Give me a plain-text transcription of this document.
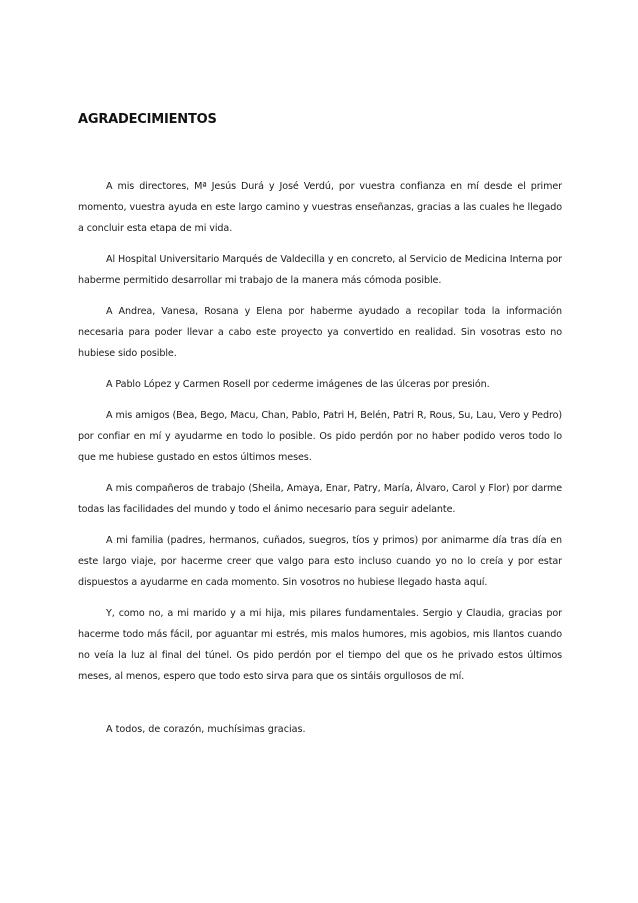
AGRADECIMIENTOS

A mis directores, Mª Jesús Durá y José Verdú, por vuestra confianza en mí desde el primer momento, vuestra ayuda en este largo camino y vuestras enseñanzas, gracias a las cuales he llegado a concluir esta etapa de mi vida.

Al Hospital Universitario Marqués de Valdecilla y en concreto, al Servicio de Medicina Interna por haberme permitido desarrollar mi trabajo de la manera más cómoda posible.

A Andrea, Vanesa, Rosana y Elena por haberme ayudado a recopilar toda la información necesaria para poder llevar a cabo este proyecto ya convertido en realidad. Sin vosotras esto no hubiese sido posible.

A Pablo López y Carmen Rosell por cederme imágenes de las úlceras por presión.

A mis amigos (Bea, Bego, Macu, Chan, Pablo, Patri H, Belén, Patri R, Rous, Su, Lau, Vero y Pedro) por confiar en mí y ayudarme en todo lo posible. Os pido perdón por no haber podido veros todo lo que me hubiese gustado en estos últimos meses.

A mis compañeros de trabajo (Sheila, Amaya, Enar, Patry, María, Álvaro, Carol y Flor) por darme todas las facilidades del mundo y todo el ánimo necesario para seguir adelante.

A mi familia (padres, hermanos, cuñados, suegros, tíos y primos) por animarme día tras día en este largo viaje, por hacerme creer que valgo para esto incluso cuando yo no lo creía y por estar dispuestos a ayudarme en cada momento. Sin vosotros no hubiese llegado hasta aquí.

Y, como no, a mi marido y a mi hija, mis pilares fundamentales. Sergio y Claudia, gracias por hacerme todo más fácil, por aguantar mi estrés, mis malos humores, mis agobios, mis llantos cuando no veía la luz al final del túnel. Os pido perdón por el tiempo del que os he privado estos últimos meses, al menos, espero que todo esto sirva para que os sintáis orgullosos de mí.

A todos, de corazón, muchísimas gracias.
